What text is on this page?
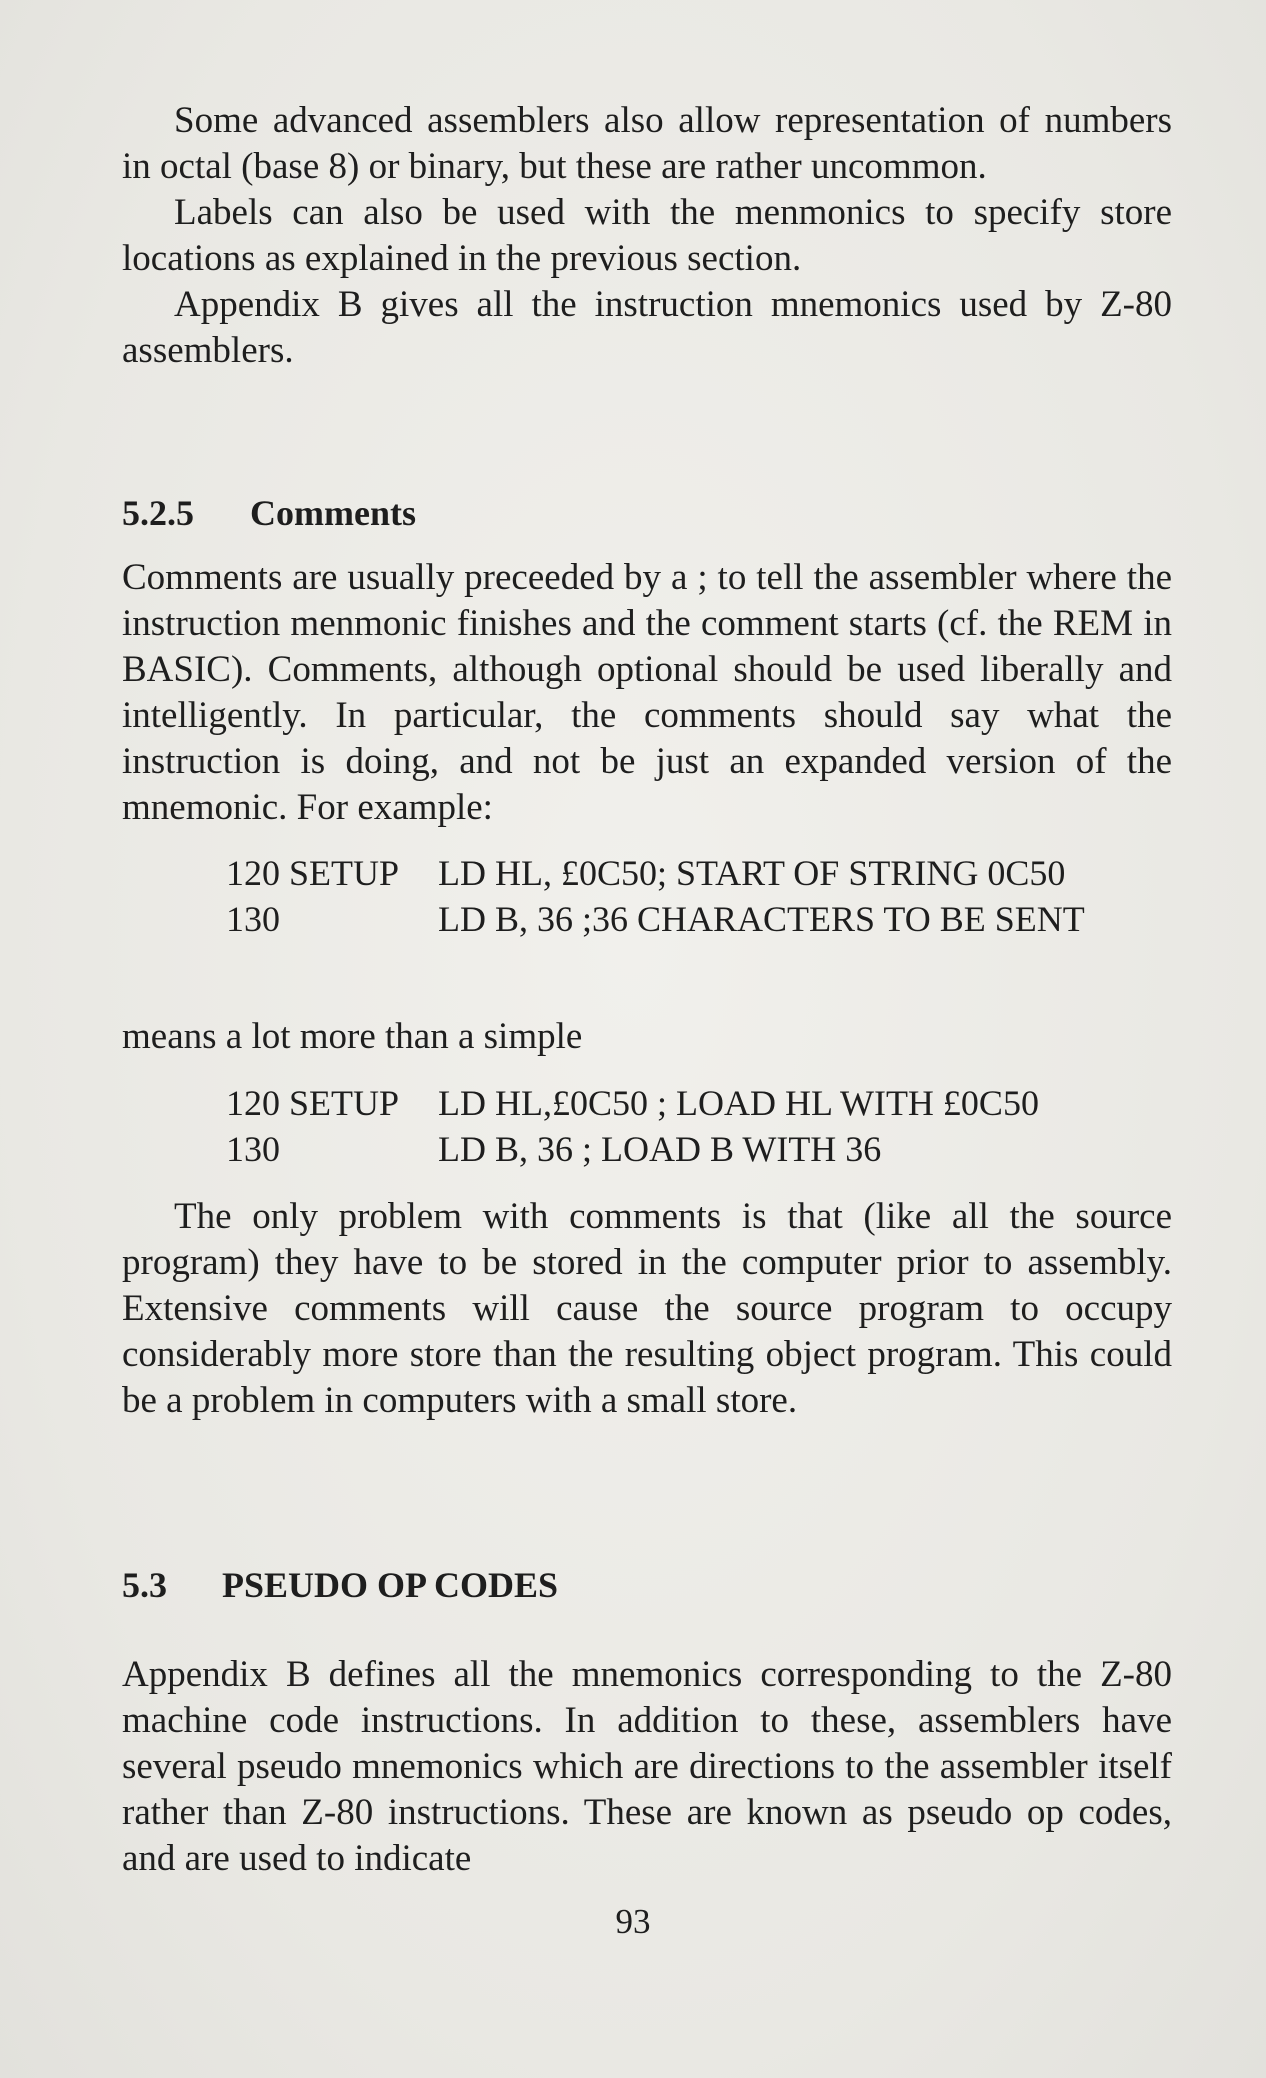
Some advanced assemblers also allow representation of numbers in octal (base 8) or binary, but these are rather uncommon.

Labels can also be used with the menmonics to specify store locations as explained in the previous section.

Appendix B gives all the instruction mnemonics used by Z-80 assemblers.

5.2.5 Comments

Comments are usually preceeded by a ; to tell the assembler where the instruction menmonic finishes and the comment starts (cf. the REM in BASIC). Comments, although optional should be used liberally and intelligently. In particular, the comments should say what the instruction is doing, and not be just an expanded version of the mnemonic. For example:

120 SETUP	LD HL, £0C50; START OF STRING 0C50
130	LD B, 36 ;36 CHARACTERS TO BE SENT

means a lot more than a simple

120 SETUP	LD HL,£0C50 ; LOAD HL WITH £0C50
130	LD B, 36 ; LOAD B WITH 36

The only problem with comments is that (like all the source program) they have to be stored in the computer prior to assembly. Extensive comments will cause the source program to occupy considerably more store than the resulting object program. This could be a problem in computers with a small store.

5.3 PSEUDO OP CODES

Appendix B defines all the mnemonics corresponding to the Z-80 machine code instructions. In addition to these, assemblers have several pseudo mnemonics which are directions to the assembler itself rather than Z-80 instructions. These are known as pseudo op codes, and are used to indicate

93
